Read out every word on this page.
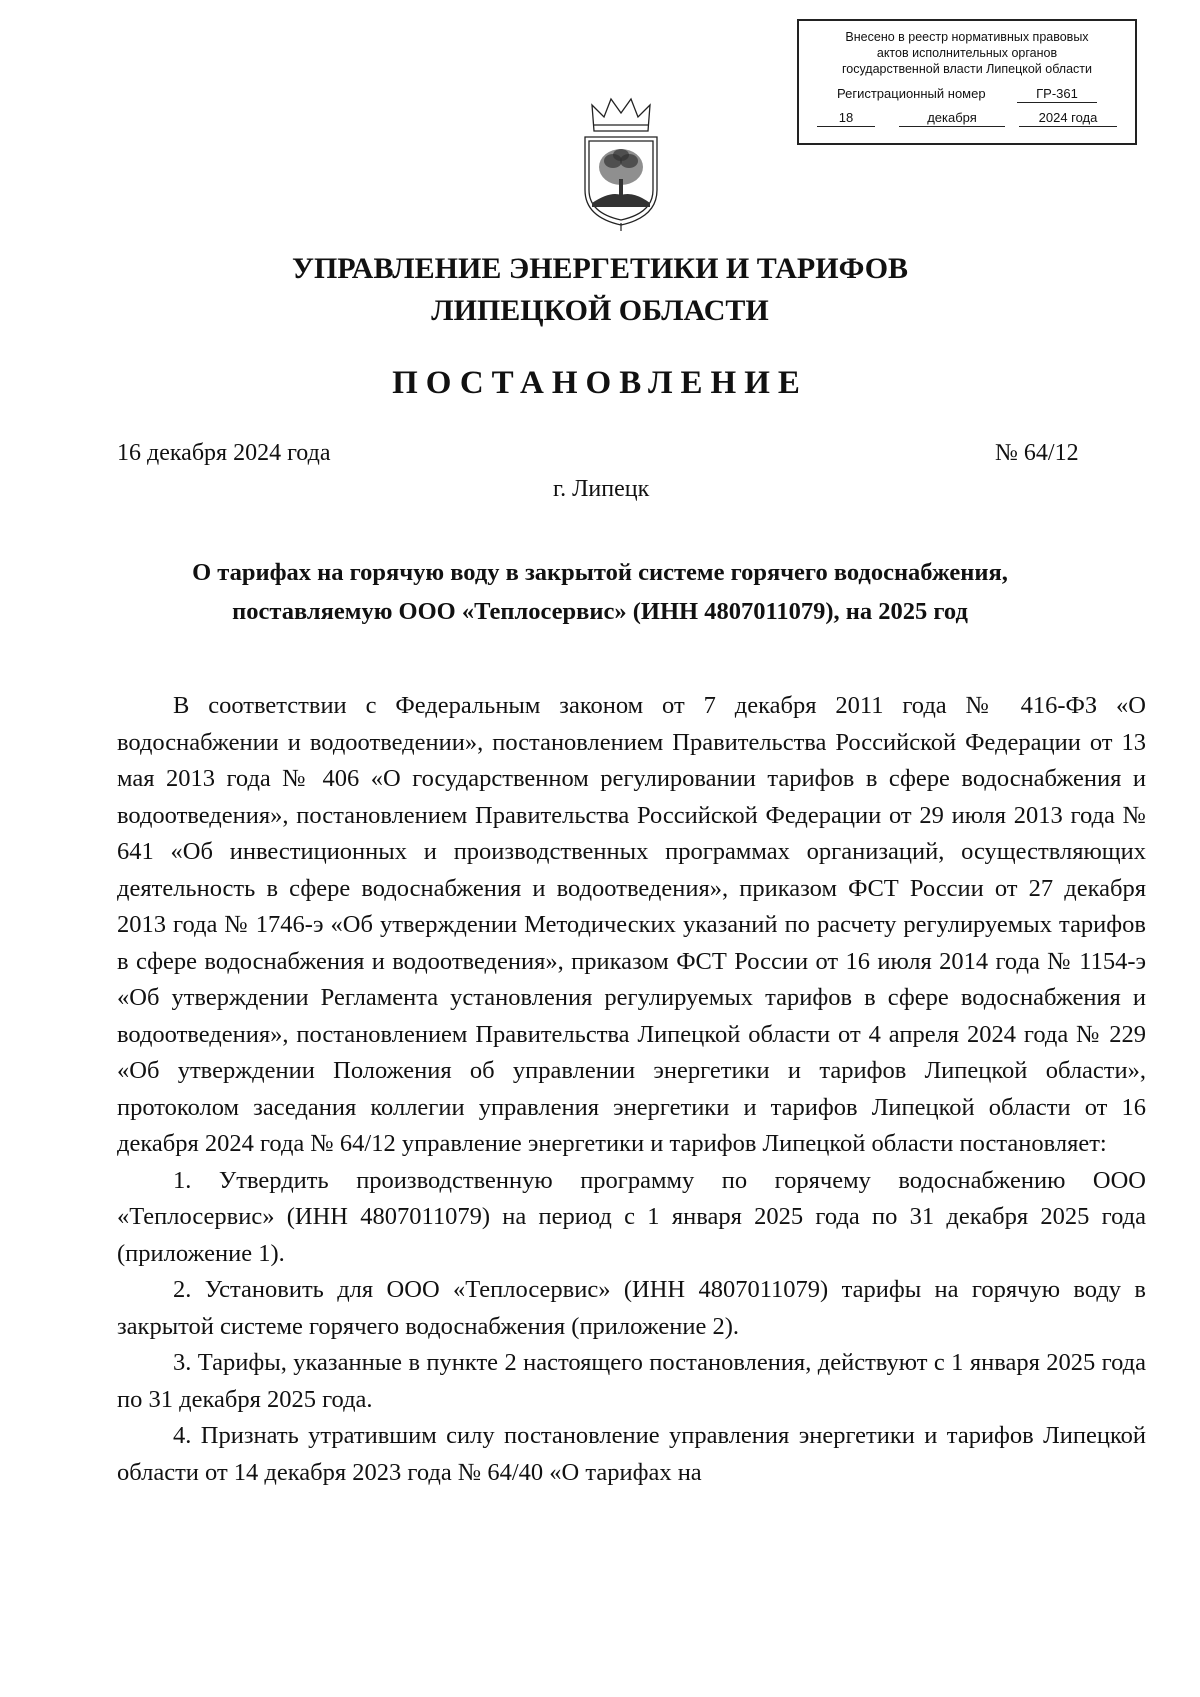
Внесено в реестр нормативных правовых
актов исполнительных органов
государственной власти Липецкой области
Регистрационный номер	ГР-361
18	декабря	2024 года
УПРАВЛЕНИЕ ЭНЕРГЕТИКИ И ТАРИФОВ
ЛИПЕЦКОЙ ОБЛАСТИ
ПОСТАНОВЛЕНИЕ
16 декабря 2024 года	№ 64/12
г. Липецк
О тарифах на горячую воду в закрытой системе горячего водоснабжения,
поставляемую ООО «Теплосервис» (ИНН 4807011079), на 2025 год

В соответствии с Федеральным законом от 7 декабря 2011 года № 416-ФЗ «О водоснабжении и водоотведении», постановлением Правительства Российской Федерации от 13 мая 2013 года № 406 «О государственном регулировании тарифов в сфере водоснабжения и водоотведения», постановлением Правительства Российской Федерации от 29 июля 2013 года № 641 «Об инвестиционных и производственных программах организаций, осуществляющих деятельность в сфере водоснабжения и водоотведения», приказом ФСТ России от 27 декабря 2013 года № 1746-э «Об утверждении Методических указаний по расчету регулируемых тарифов в сфере водоснабжения и водоотведения», приказом ФСТ России от 16 июля 2014 года № 1154-э «Об утверждении Регламента установления регулируемых тарифов в сфере водоснабжения и водоотведения», постановлением Правительства Липецкой области от 4 апреля 2024 года № 229 «Об утверждении Положения об управлении энергетики и тарифов Липецкой области», протоколом заседания коллегии управления энергетики и тарифов Липецкой области от 16 декабря 2024 года № 64/12 управление энергетики и тарифов Липецкой области постановляет:

1. Утвердить производственную программу по горячему водоснабжению ООО «Теплосервис» (ИНН 4807011079) на период с 1 января 2025 года по 31 декабря 2025 года (приложение 1).

2. Установить для ООО «Теплосервис» (ИНН 4807011079) тарифы на горячую воду в закрытой системе горячего водоснабжения (приложение 2).

3. Тарифы, указанные в пункте 2 настоящего постановления, действуют с 1 января 2025 года по 31 декабря 2025 года.

4. Признать утратившим силу постановление управления энергетики и тарифов Липецкой области от 14 декабря 2023 года № 64/40 «О тарифах на
